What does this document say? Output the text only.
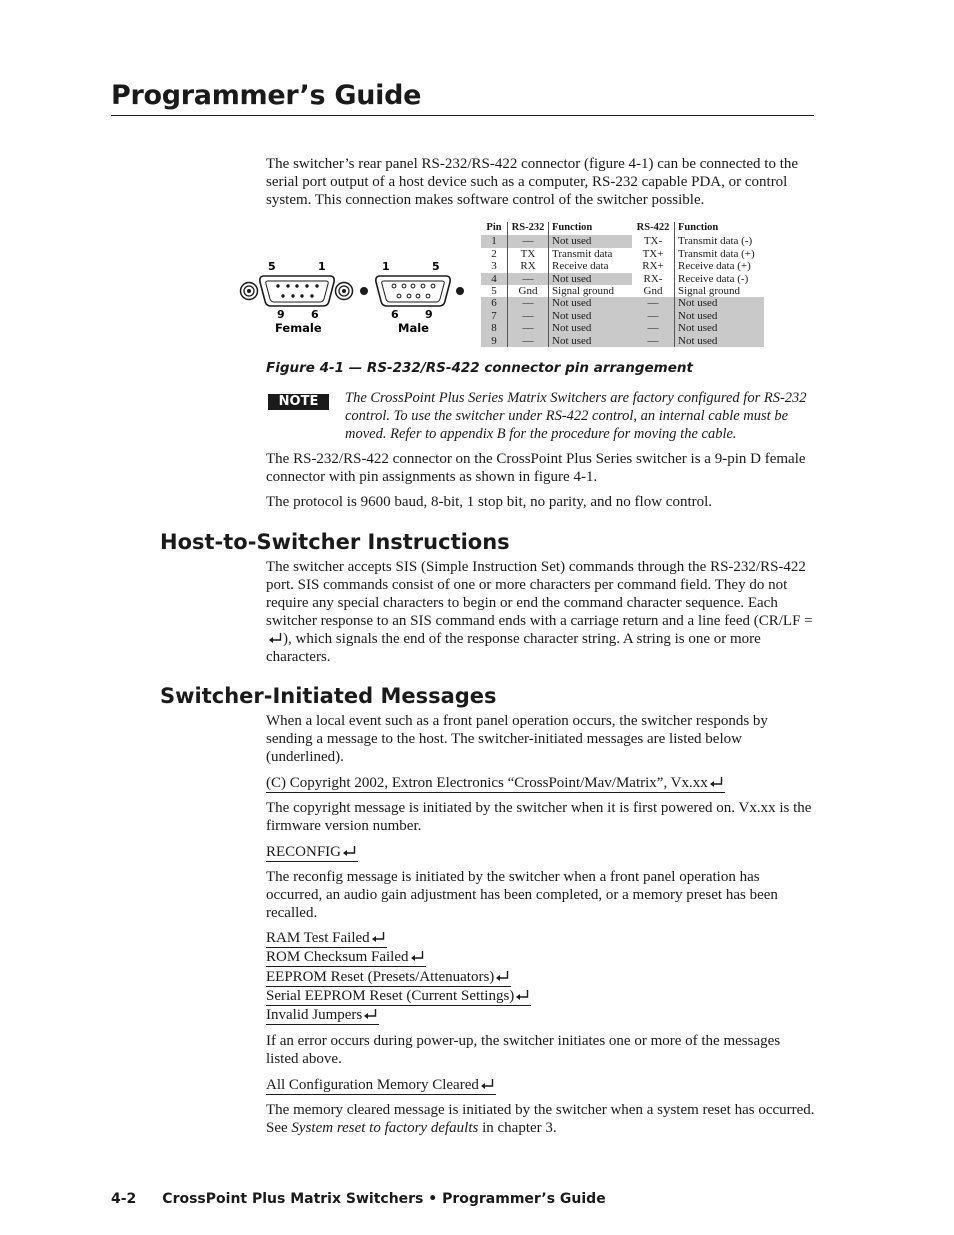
Programmer’s Guide

The switcher’s rear panel RS-232/RS-422 connector (figure 4-1) can be connected to the serial port output of a host device such as a computer, RS-232 capable PDA, or control system. This connection makes software control of the switcher possible.

5	1
9 6
Female
1	5
6 9
Male
Pin	RS-232	Function	RS-422	Function
1	—	Not used	TX-	Transmit data (-)
2	TX	Transmit data	TX+	Transmit data (+)
3	RX	Receive data	RX+	Receive data (+)
4	—	Not used	RX-	Receive data (-)
5	Gnd	Signal ground	Gnd	Signal ground
6	—	Not used	—	Not used
7	—	Not used	—	Not used
8	—	Not used	—	Not used
9	—	Not used	—	Not used

Figure 4-1 — RS-232/RS-422 connector pin arrangement

NOTE	The CrossPoint Plus Series Matrix Switchers are factory configured for RS-232 control. To use the switcher under RS-422 control, an internal cable must be moved. Refer to appendix B for the procedure for moving the cable.

The RS-232/RS-422 connector on the CrossPoint Plus Series switcher is a 9-pin D female connector with pin assignments as shown in figure 4-1.

The protocol is 9600 baud, 8-bit, 1 stop bit, no parity, and no flow control.

Host-to-Switcher Instructions

The switcher accepts SIS (Simple Instruction Set) commands through the RS-232/RS-422 port. SIS commands consist of one or more characters per command field. They do not require any special characters to begin or end the command character sequence. Each switcher response to an SIS command ends with a carriage return and a line feed (CR/LF = ), which signals the end of the response character string. A string is one or more characters.

Switcher-Initiated Messages

When a local event such as a front panel operation occurs, the switcher responds by sending a message to the host. The switcher-initiated messages are listed below (underlined).

(C) Copyright 2002, Extron Electronics “CrossPoint/Mav/Matrix”, Vx.xx

The copyright message is initiated by the switcher when it is first powered on. Vx.xx is the firmware version number.

RECONFIG

The reconfig message is initiated by the switcher when a front panel operation has occurred, an audio gain adjustment has been completed, or a memory preset has been recalled.

RAM Test Failed

ROM Checksum Failed

EEPROM Reset (Presets/Attenuators)

Serial EEPROM Reset (Current Settings)

Invalid Jumpers

If an error occurs during power-up, the switcher initiates one or more of the messages listed above.

All Configuration Memory Cleared

The memory cleared message is initiated by the switcher when a system reset has occurred. See System reset to factory defaults in chapter 3.

4-2 CrossPoint Plus Matrix Switchers • Programmer’s Guide
